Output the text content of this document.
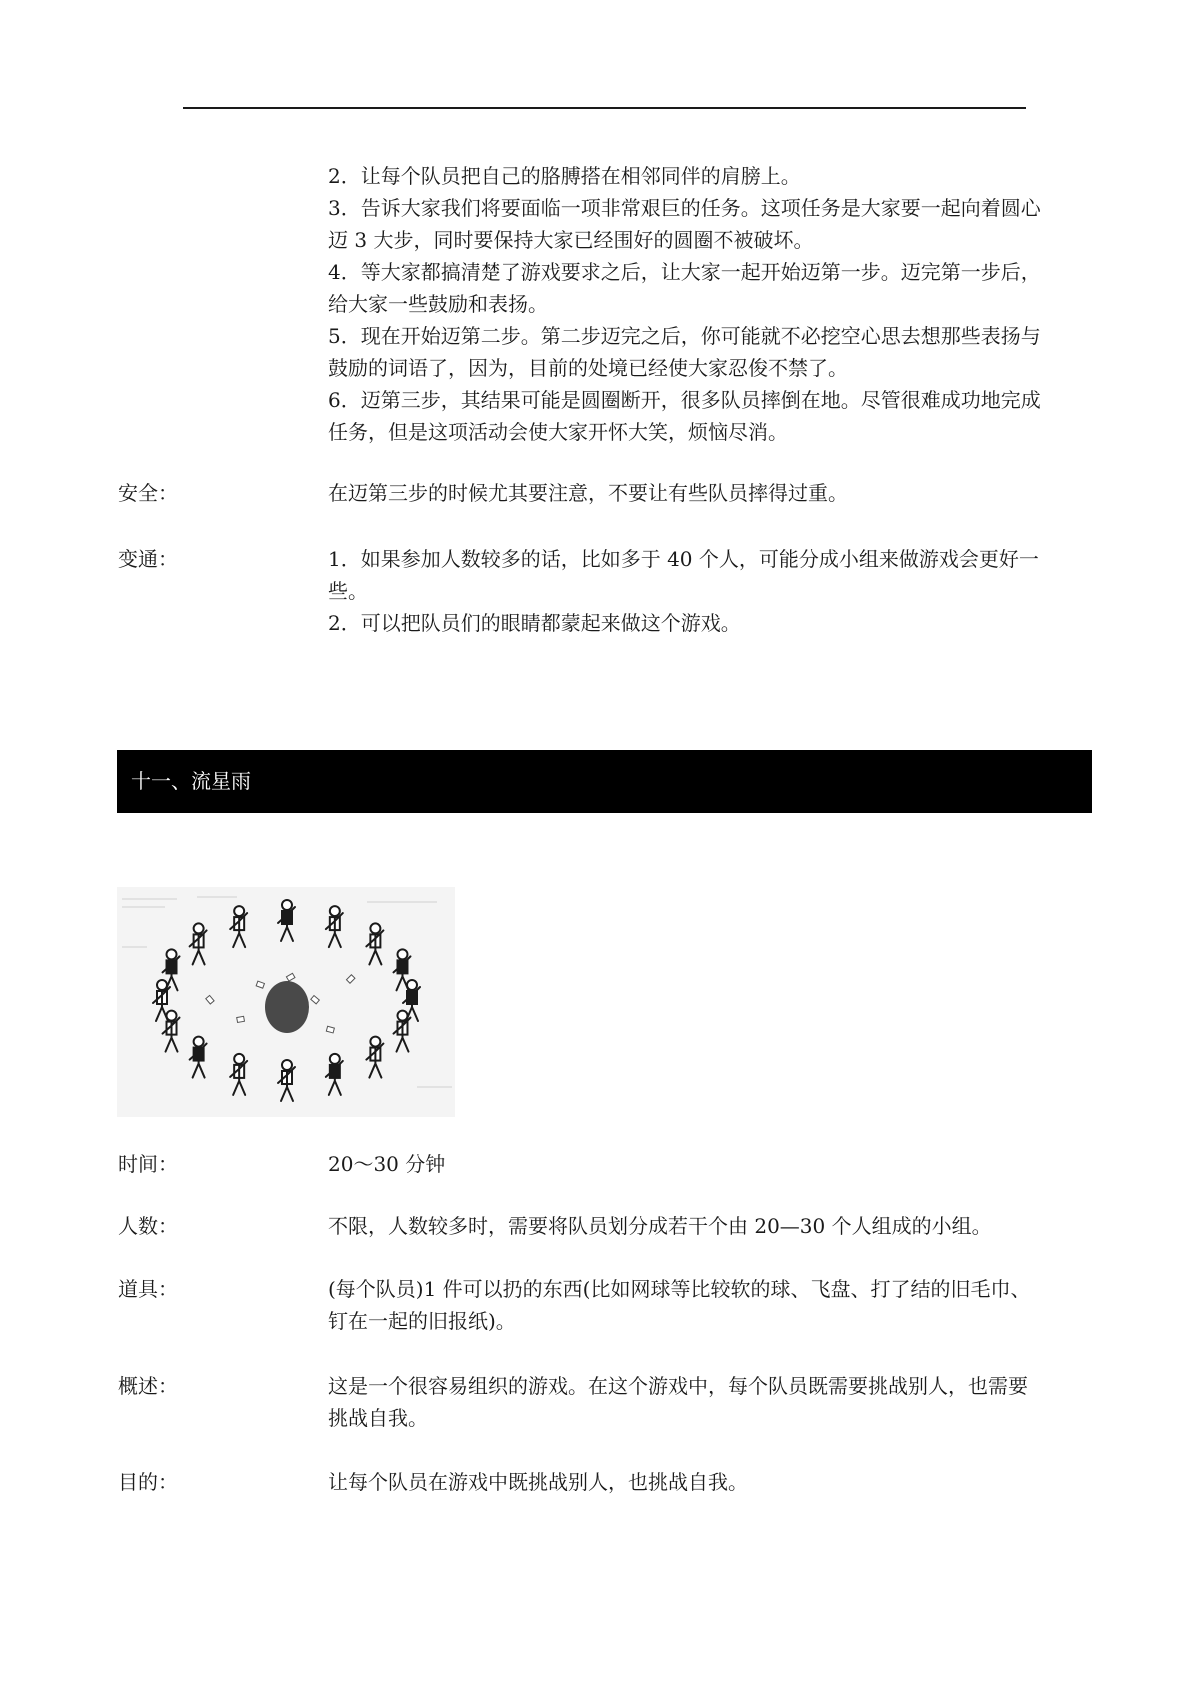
2．让每个队员把自己的胳膊搭在相邻同伴的肩膀上。
3．告诉大家我们将要面临一项非常艰巨的任务。这项任务是大家要一起向着圆心
迈 3 大步，同时要保持大家已经围好的圆圈不被破坏。
4．等大家都搞清楚了游戏要求之后，让大家一起开始迈第一步。迈完第一步后，
给大家一些鼓励和表扬。
5．现在开始迈第二步。第二步迈完之后，你可能就不必挖空心思去想那些表扬与
鼓励的词语了，因为，目前的处境已经使大家忍俊不禁了。
6．迈第三步，其结果可能是圆圈断开，很多队员摔倒在地。尽管很难成功地完成
任务，但是这项活动会使大家开怀大笑，烦恼尽消。

安全：	在迈第三步的时候尤其要注意，不要让有些队员摔得过重。

变通：	1．如果参加人数较多的话，比如多于 40 个人，可能分成小组来做游戏会更好一
些。
2．可以把队员们的眼睛都蒙起来做这个游戏。
十一、流星雨

时间：	20～30 分钟

人数：	不限，人数较多时，需要将队员划分成若干个由 20—30 个人组成的小组。

道具：	(每个队员)1 件可以扔的东西(比如网球等比较软的球、飞盘、打了结的旧毛巾、
钉在一起的旧报纸)。

概述：	这是一个很容易组织的游戏。在这个游戏中，每个队员既需要挑战别人，也需要
挑战自我。

目的：	让每个队员在游戏中既挑战别人，也挑战自我。
